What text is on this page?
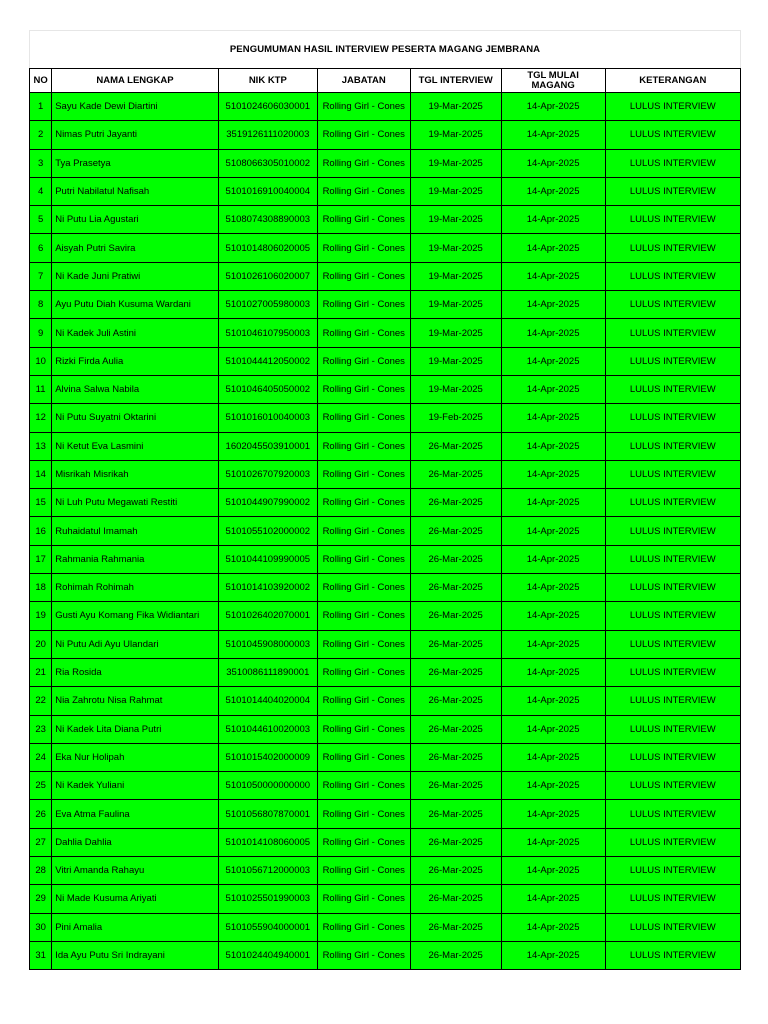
PENGUMUMAN HASIL INTERVIEW PESERTA MAGANG JEMBRANA
NO	NAMA LENGKAP	NIK KTP	JABATAN	TGL INTERVIEW	TGL MULAI MAGANG	KETERANGAN
1	Sayu Kade Dewi Diartini	5101024606030001	Rolling Girl - Cones	19-Mar-2025	14-Apr-2025	LULUS INTERVIEW
2	Nimas Putri Jayanti	3519126111020003	Rolling Girl - Cones	19-Mar-2025	14-Apr-2025	LULUS INTERVIEW
3	Tya Prasetya	5108066305010002	Rolling Girl - Cones	19-Mar-2025	14-Apr-2025	LULUS INTERVIEW
4	Putri Nabilatul Nafisah	5101016910040004	Rolling Girl - Cones	19-Mar-2025	14-Apr-2025	LULUS INTERVIEW
5	Ni Putu Lia Agustari	5108074308890003	Rolling Girl - Cones	19-Mar-2025	14-Apr-2025	LULUS INTERVIEW
6	Aisyah Putri Savira	5101014806020005	Rolling Girl - Cones	19-Mar-2025	14-Apr-2025	LULUS INTERVIEW
7	Ni Kade Juni Pratiwi	5101026106020007	Rolling Girl - Cones	19-Mar-2025	14-Apr-2025	LULUS INTERVIEW
8	Ayu Putu Diah Kusuma Wardani	5101027005980003	Rolling Girl - Cones	19-Mar-2025	14-Apr-2025	LULUS INTERVIEW
9	Ni Kadek Juli Astini	5101046107950003	Rolling Girl - Cones	19-Mar-2025	14-Apr-2025	LULUS INTERVIEW
10	Rizki Firda Aulia	5101044412050002	Rolling Girl - Cones	19-Mar-2025	14-Apr-2025	LULUS INTERVIEW
11	Alvina Salwa Nabila	5101046405050002	Rolling Girl - Cones	19-Mar-2025	14-Apr-2025	LULUS INTERVIEW
12	Ni Putu Suyatni Oktarini	5101016010040003	Rolling Girl - Cones	19-Feb-2025	14-Apr-2025	LULUS INTERVIEW
13	Ni Ketut Eva Lasmini	1602045503910001	Rolling Girl - Cones	26-Mar-2025	14-Apr-2025	LULUS INTERVIEW
14	Misrikah Misrikah	5101026707920003	Rolling Girl - Cones	26-Mar-2025	14-Apr-2025	LULUS INTERVIEW
15	Ni Luh Putu Megawati Restiti	5101044907990002	Rolling Girl - Cones	26-Mar-2025	14-Apr-2025	LULUS INTERVIEW
16	Ruhaidatul Imamah	5101055102000002	Rolling Girl - Cones	26-Mar-2025	14-Apr-2025	LULUS INTERVIEW
17	Rahmania Rahmania	5101044109990005	Rolling Girl - Cones	26-Mar-2025	14-Apr-2025	LULUS INTERVIEW
18	Rohimah Rohimah	5101014103920002	Rolling Girl - Cones	26-Mar-2025	14-Apr-2025	LULUS INTERVIEW
19	Gusti Ayu Komang Fika Widiantari	5101026402070001	Rolling Girl - Cones	26-Mar-2025	14-Apr-2025	LULUS INTERVIEW
20	Ni Putu Adi Ayu Ulandari	5101045908000003	Rolling Girl - Cones	26-Mar-2025	14-Apr-2025	LULUS INTERVIEW
21	Ria Rosida	3510086111890001	Rolling Girl - Cones	26-Mar-2025	14-Apr-2025	LULUS INTERVIEW
22	Nia Zahrotu Nisa Rahmat	5101014404020004	Rolling Girl - Cones	26-Mar-2025	14-Apr-2025	LULUS INTERVIEW
23	Ni Kadek Lita Diana Putri	5101044610020003	Rolling Girl - Cones	26-Mar-2025	14-Apr-2025	LULUS INTERVIEW
24	Eka Nur Holipah	5101015402000009	Rolling Girl - Cones	26-Mar-2025	14-Apr-2025	LULUS INTERVIEW
25	Ni Kadek Yuliani	5101050000000000	Rolling Girl - Cones	26-Mar-2025	14-Apr-2025	LULUS INTERVIEW
26	Eva Atma Faulina	5101056807870001	Rolling Girl - Cones	26-Mar-2025	14-Apr-2025	LULUS INTERVIEW
27	Dahlia Dahlia	5101014108060005	Rolling Girl - Cones	26-Mar-2025	14-Apr-2025	LULUS INTERVIEW
28	Vitri Amanda Rahayu	5101056712000003	Rolling Girl - Cones	26-Mar-2025	14-Apr-2025	LULUS INTERVIEW
29	Ni Made Kusuma Ariyati	5101025501990003	Rolling Girl - Cones	26-Mar-2025	14-Apr-2025	LULUS INTERVIEW
30	Pini Amalia	5101055904000001	Rolling Girl - Cones	26-Mar-2025	14-Apr-2025	LULUS INTERVIEW
31	Ida Ayu Putu Sri Indrayani	5101024404940001	Rolling Girl - Cones	26-Mar-2025	14-Apr-2025	LULUS INTERVIEW
